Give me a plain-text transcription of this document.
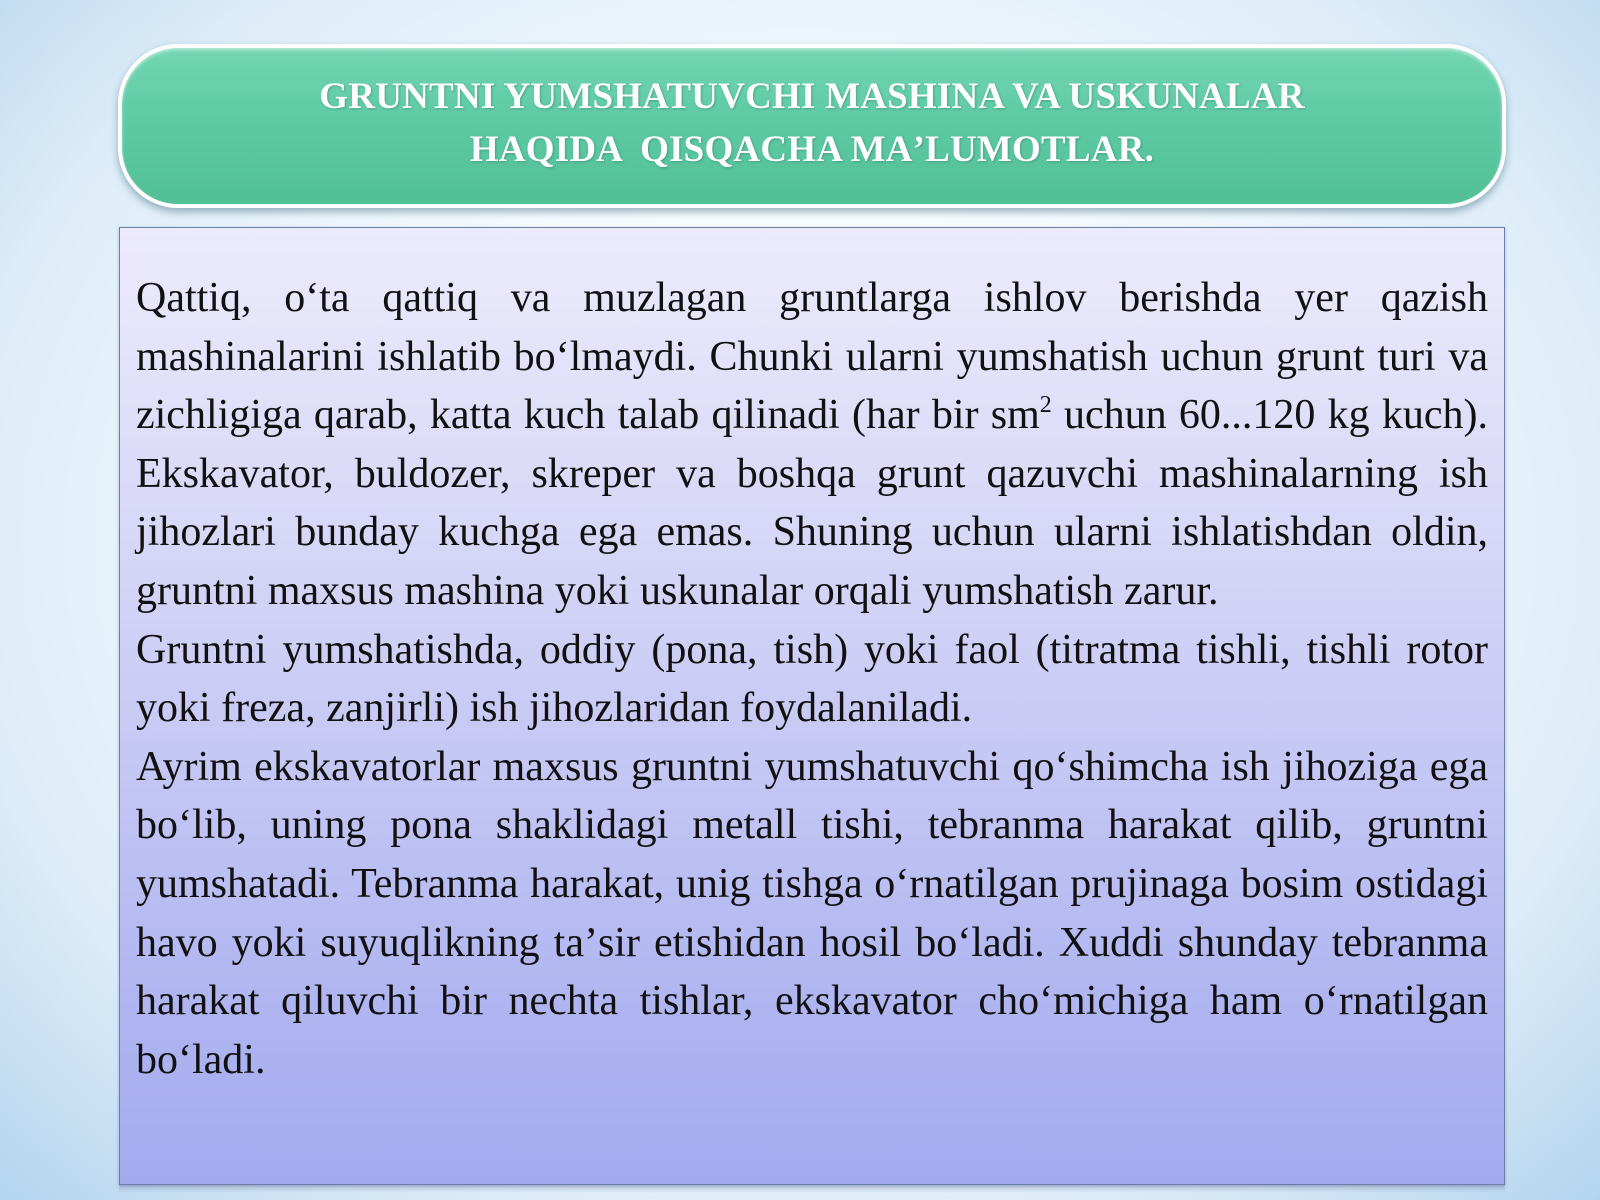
GRUNTNI YUMSHATUVCHI MASHINA VA USKUNALAR
HAQIDA  QISQACHA MAʼLUMOTLAR.

Qattiq, oʻta qattiq va muzlagan gruntlarga ishlov berishda yer qazish mashinalarini ishlatib boʻlmaydi. Chunki ularni yumshatish uchun grunt turi va zichligiga qarab, katta kuch talab qilinadi (har bir $sm^2$ uchun 60...120 kg kuch). Ekskavator, buldozer, skreper va boshqa grunt qazuvchi mashinalarning ish jihozlari bunday kuchga ega emas. Shuning uchun ularni ishlatishdan oldin, gruntni maxsus mashina yoki uskunalar orqali yumshatish zarur.

Gruntni yumshatishda, oddiy (pona, tish) yoki faol (titratma tishli, tishli rotor yoki freza, zanjirli) ish jihozlaridan foydalaniladi.

Ayrim ekskavatorlar maxsus gruntni yumshatuvchi qoʻshimcha ish jihoziga ega boʻlib, uning pona shaklidagi metall tishi, tebranma harakat qilib, gruntni yumshatadi. Tebranma harakat, unig tishga oʻrnatilgan prujinaga bosim ostidagi havo yoki suyuqlikning taʼsir etishidan hosil boʻladi. Xuddi shunday tebranma harakat qiluvchi bir nechta tishlar, ekskavator choʻmichiga ham oʻrnatilgan boʻladi.
